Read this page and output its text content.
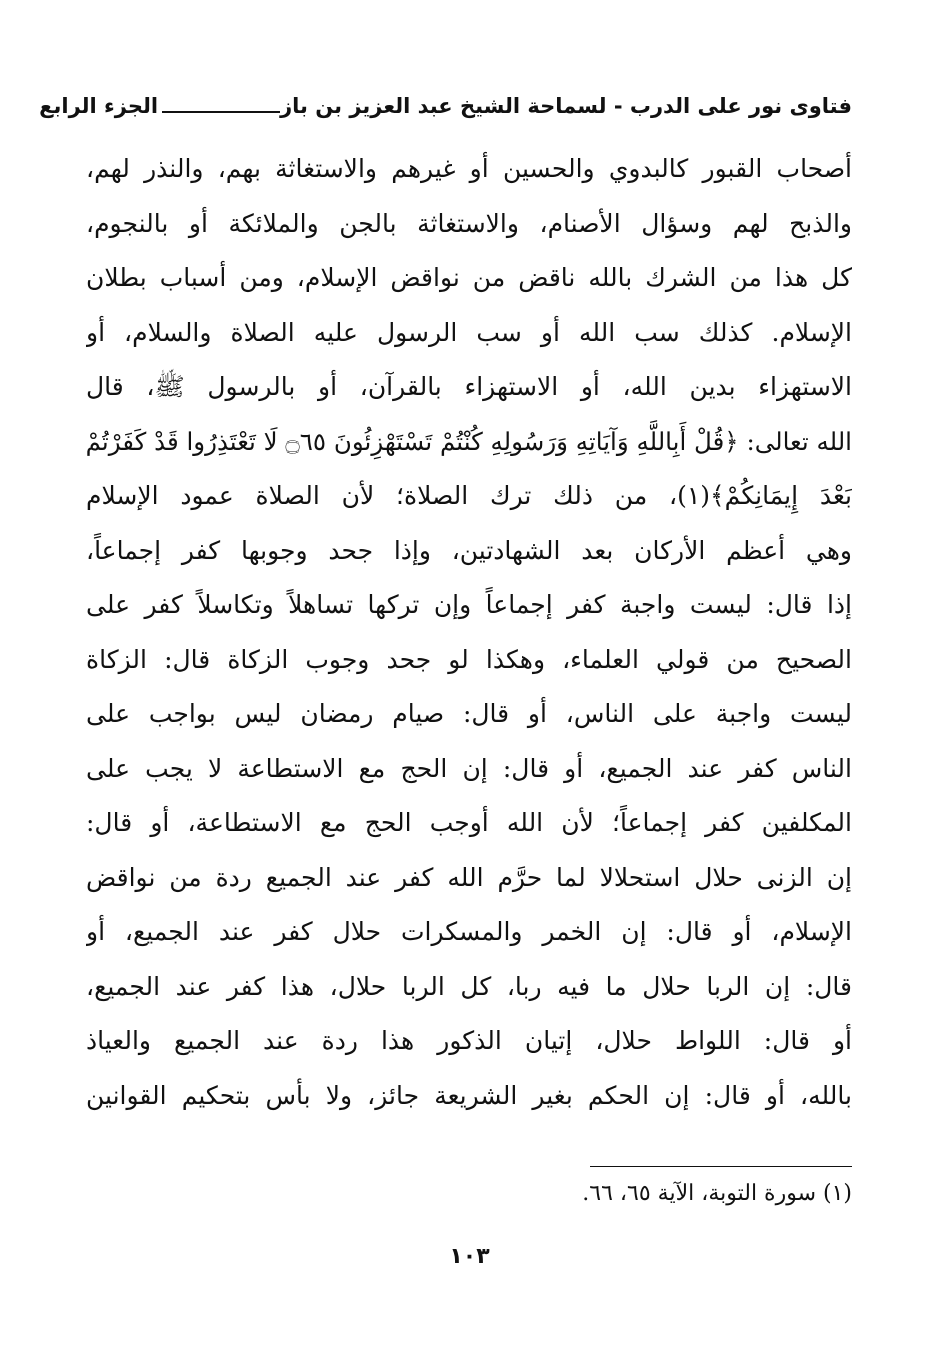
فتاوى نور على الدرب - لسماحة الشيخ عبد العزيز بن باز
الجزء الرابع
أصحاب القبور كالبدوي والحسين أو غيرهم والاستغاثة بهم، والنذر لهم،
والذبح لهم وسؤال الأصنام، والاستغاثة بالجن والملائكة أو بالنجوم،
كل هذا من الشرك بالله ناقض من نواقض الإسلام، ومن أسباب بطلان
الإسلام. كذلك سب الله أو سب الرسول عليه الصلاة والسلام، أو
الاستهزاء بدين الله، أو الاستهزاء بالقرآن، أو بالرسول ﷺ، قال
الله تعالى: ﴿قُلْ أَبِاللَّهِ وَآيَاتِهِ وَرَسُولِهِ كُنْتُمْ تَسْتَهْزِئُونَ ۝٦٥ لَا تَعْتَذِرُوا قَدْ كَفَرْتُمْ
بَعْدَ إِيمَانِكُمْ﴾(١)، من ذلك ترك الصلاة؛ لأن الصلاة عمود الإسلام
وهي أعظم الأركان بعد الشهادتين، وإذا جحد وجوبها كفر إجماعاً،
إذا قال: ليست واجبة كفر إجماعاً وإن تركها تساهلاً وتكاسلاً كفر على
الصحيح من قولي العلماء، وهكذا لو جحد وجوب الزكاة قال: الزكاة
ليست واجبة على الناس، أو قال: صيام رمضان ليس بواجب على
الناس كفر عند الجميع، أو قال: إن الحج مع الاستطاعة لا يجب على
المكلفين كفر إجماعاً؛ لأن الله أوجب الحج مع الاستطاعة، أو قال:
إن الزنى حلال استحلالا لما حرَّم الله كفر عند الجميع ردة من نواقض
الإسلام، أو قال: إن الخمر والمسكرات حلال كفر عند الجميع، أو
قال: إن الربا حلال ما فيه ربا، كل الربا حلال، هذا كفر عند الجميع،
أو قال: اللواط حلال، إتيان الذكور هذا ردة عند الجميع والعياذ
بالله، أو قال: إن الحكم بغير الشريعة جائز، ولا بأس بتحكيم القوانين
(١) سورة التوبة، الآية ٦٥، ٦٦.
١٠٣
